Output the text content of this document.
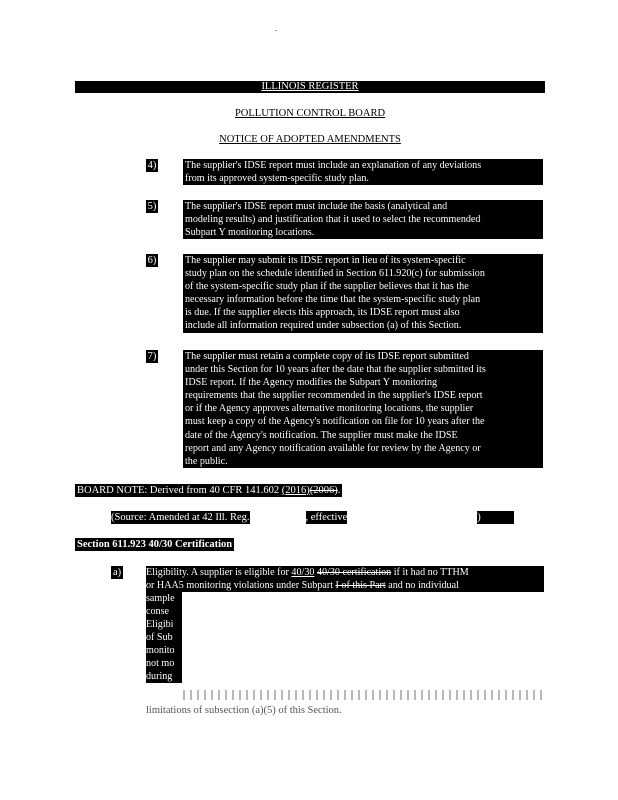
ILLINOIS REGISTER
POLLUTION CONTROL BOARD
NOTICE OF ADOPTED AMENDMENTS
4)	The supplier's IDSE report must include an explanation of any deviations
from its approved system-specific study plan.
5)	The supplier's IDSE report must include the basis (analytical and
modeling results) and justification that it used to select the recommended
Subpart Y monitoring locations.
6)	The supplier may submit its IDSE report in lieu of its system-specific
study plan on the schedule identified in Section 611.920(c) for submission
of the system-specific study plan if the supplier believes that it has the
necessary information before the time that the system-specific study plan
is due. If the supplier elects this approach, its IDSE report must also
include all information required under subsection (a) of this Section.
7)	The supplier must retain a complete copy of its IDSE report submitted
under this Section for 10 years after the date that the supplier submitted its
IDSE report. If the Agency modifies the Subpart Y monitoring
requirements that the supplier recommended in the supplier's IDSE report
or if the Agency approves alternative monitoring locations, the supplier
must keep a copy of the Agency's notification on file for 10 years after the
date of the Agency's notification. The supplier must make the IDSE
report and any Agency notification available for review by the Agency or
the public.
BOARD NOTE: Derived from 40 CFR 141.602 (2016)(2006).
(Source: Amended at 42 Ill. Reg.	, effective	)
Section 611.923 40/30 Certification
a) Eligibility. A supplier is eligible for 40/30 40/30 certification if it had no TTHM
or HAA5 monitoring violations under Subpart I of this Part and no individual
sample
conse
Eligibi
of Sub
monito
not mo
during
limitations of subsection (a)(5) of this Section.
